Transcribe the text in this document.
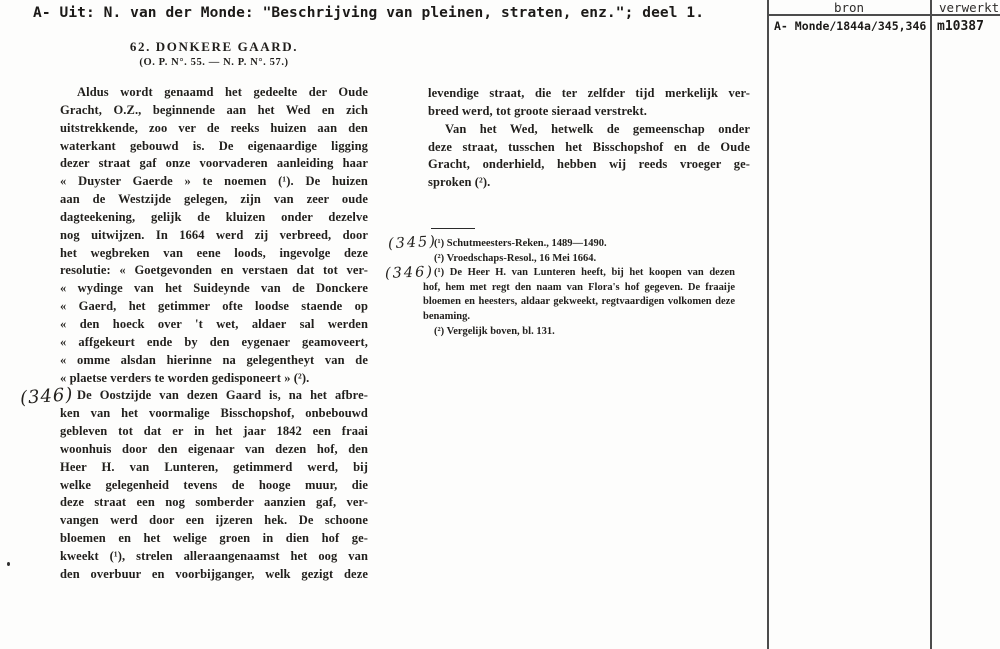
A- Uit: N. van der Monde: "Beschrijving van pleinen, straten, enz."; deel 1.	bron	verwerkt
A- Monde/1844a/345,346 m10387
62. DONKERE GAARD.
(O. P. N°. 55. — N. P. N°. 57.)
Aldus wordt genaamd het gedeelte der Oude
Gracht, O.Z., beginnende aan het Wed en zich
uitstrekkende, zoo ver de reeks huizen aan den
waterkant gebouwd is. De eigenaardige ligging
dezer straat gaf onze voorvaderen aanleiding haar
« Duyster Gaerde » te noemen (¹). De huizen
aan de Westzijde gelegen, zijn van zeer oude
dagteekening, gelijk de kluizen onder dezelve
nog uitwijzen. In 1664 werd zij verbreed, door
het wegbreken van eene loods, ingevolge deze
resolutie: « Goetgevonden en verstaen dat tot ver-
« wydinge van het Suideynde van de Donckere
« Gaerd, het getimmer ofte loodse staende op
« den hoeck over 't wet, aldaer sal werden
« affgekeurt ende by den eygenaer geamoveert,
« omme alsdan hierinne na gelegentheyt van de
« plaetse verders te worden gedisponeert » (²).
De Oostzijde van dezen Gaard is, na het afbre-
ken van het voormalige Bisschopshof, onbebouwd
gebleven tot dat er in het jaar 1842 een fraai
woonhuis door den eigenaar van dezen hof, den
Heer H. van Lunteren, getimmerd werd, bij
welke gelegenheid tevens de hooge muur, die
deze straat een nog somberder aanzien gaf, ver-
vangen werd door een ijzeren hek. De schoone
bloemen en het welige groen in dien hof ge-
kweekt (¹), strelen alleraangenaamst het oog van
den overbuur en voorbijganger, welk gezigt deze
levendige straat, die ter zelfder tijd merkelijk ver-
breed werd, tot groote sieraad verstrekt.
Van het Wed, hetwelk de gemeenschap onder
deze straat, tusschen het Bisschopshof en de Oude
Gracht, onderhield, hebben wij reeds vroeger ge-
sproken (²).
(¹) Schutmeesters-Reken., 1489—1490.
(²) Vroedschaps-Resol., 16 Mei 1664.
(¹) De Heer H. van Lunteren heeft, bij het koopen van dezen
hof, hem met regt den naam van Flora's hof gegeven. De fraaije
bloemen en heesters, aldaar gekweekt, regtvaardigen volkomen deze
benaming.
(²) Vergelijk boven, bl. 131.
(346)
(345)
(346)
